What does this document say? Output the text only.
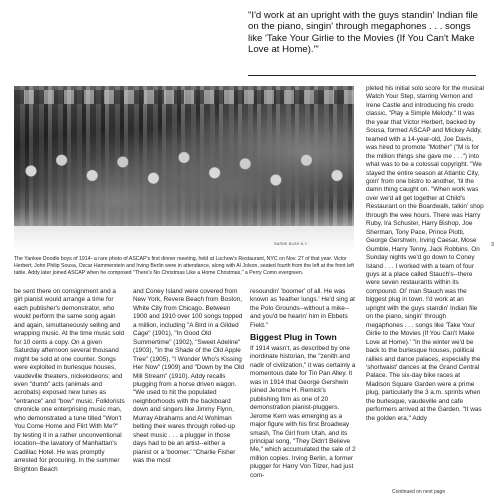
"I'd work at an upright with the guys standin' Indian file on the piano, singin' through megaphones . . . songs like 'Take Your Girlie to the Movies (If You Can't Make Love at Home).'"
BARNE BUSH N.Y.
The Yankee Doodle boys of 1914--a rare photo of ASCAP's first dinner meeting, held at Luchow's Restaurant, NYC on Nov. 27 of that year. Victor Herbert, John Philip Sousa, Oscar Hammerstein and Irving Berlin were in attendance, along with Al Jolson, seated fourth from the left at the front left table. Addy later joined ASCAP when he composed "There's No Christmas Like a Home Christmas," a Perry Como evergreen.

be sent there on consignment and a girl pianist would arrange a time for each publisher's demonstrator, who would perform the same song again and again, simultaneously selling and wrapping music. At the time music sold for 10 cents a copy. On a given Saturday afternoon several thousand might be sold at one counter. Songs were exploited in burlesque houses, vaudeville theaters, nickelodeons; and even "dumb" acts (animals and acrobats) exposed new tunes as "entrance" and "bow" music. Folklorists chronicle one enterprising music man, who demonstrated a tune titled "Won't You Come Home and Flirt With Me?" by testing it in a rather unconventional location--the lavatory of Manhattan's Cadillac Hotel. He was promptly arrested for procuring. In the summer Brighton Beach

and Coney Island were covered from New York, Revere Beach from Boston, White City from Chicago. Between 1900 and 1910 over 100 songs topped a million, including "A Bird in a Gilded Cage" (1901), "In Good Old Summertime" (1902), "Sweet Adeline" (1903), "In the Shade of the Old Apple Tree" (1905), "I Wonder Who's Kissing Her Now" (1909) and "Down by the Old Mill Stream" (1910). Addy recalls plugging from a horse driven wagon. "We used to hit the populated neighborhoods with the backboard down and singers like Jimmy Flynn, Murray Abrahams and Al Wohlman belting their wares through rolled-up sheet music . . . a plugger in those days had to be an artist--either a pianist or a 'boomer.' "Charlie Fisher was the most

resoundin' 'boomer' of all. He was known as 'leather lungs.' He'd sing at the Polo Grounds--without a mike--and you'd be hearin' him in Ebbets Field."

Biggest Plug in Town

If 1914 wasn't, as described by one inordinate historian, the "zenith and nadir of civilization," it was certainly a momentous date for Tin Pan Alley. It was in 1914 that George Gershwin joined Jerome H. Remick's publishing firm as one of 20 demonstration pianist-pluggers. Jerome Kern was emerging as a major figure with his first Broadway smash, The Girl from Utah, and its principal song, "They Didn't Believe Me," which accumulated the sale of 2 million copies. Irving Berlin, a former plugger for Harry Von Tilzer, had just com-

pleted his initial solo score for the musical Watch Your Step, starring Vernon and Irene Castle and introducing his credo classic, "Play a Simple Melody." It was the year that Victor Herbert, backed by Sousa, formed ASCAP and Mickey Addy, teamed with a 14-year-old, Joe Davis, was hired to promote "Mother" ("M is for the million things she gave me . . .") into what was to be a colossal copyright. "We stayed the entire season at Atlantic City, goin' from one bistro to another, 'til the damn thing caught on. "When work was over we'd all get together at Child's Restaurant on the Boardwalk, talkin' shop through the wee hours. There was Harry Ruby, Ira Schuster, Harry Bishop, Joe Sherman, Tony Pace, Prince Piotti, George Gershwin, Irving Caesar, Mose Gumble, Harry Tenny, Jack Robbins. On Sunday nights we'd go down to Coney Island . . . I worked with a team of four guys at a place called Stauch's--there were seven restaurants within its compound. Ol' man Stauch was the biggest plug in town. I'd work at an upright with the guys standin' Indian file on the piano, singin' through megaphones . . . songs like 'Take Your Girlie to the Movies (If You Can't Make Love at Home).' "In the winter we'd be back to the burlesque houses, political rallies and dance palaces, especially the 'shortwaist' dances at the Grand Central Palace. The six-day bike races at Madison Square Garden were a prime plug, particularly the 3 a.m. sprints when the burlesque, vaudeville and cafe performers arrived at the Garden. "It was the golden era," Addy

3
Continued on next page
